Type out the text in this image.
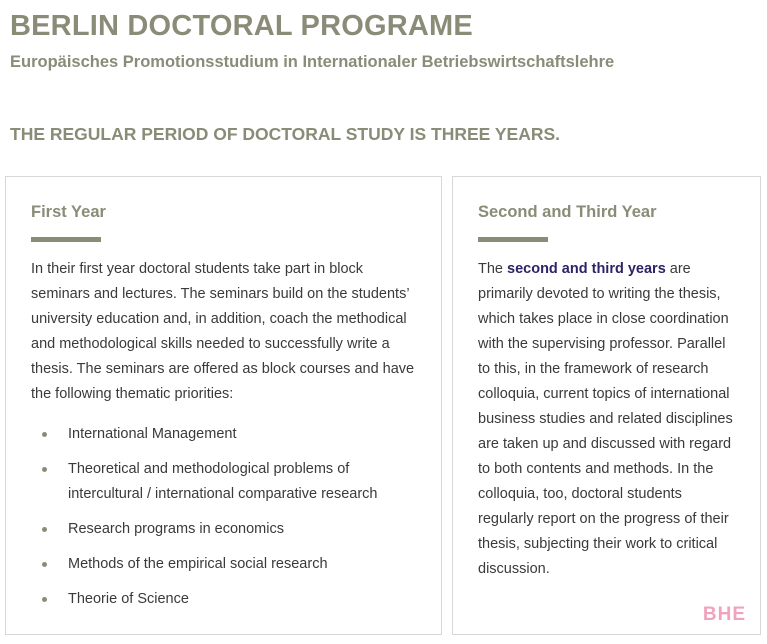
BERLIN DOCTORAL PROGRAME

Europäisches Promotionsstudium in Internationaler Betriebswirtschaftslehre

THE REGULAR PERIOD OF DOCTORAL STUDY IS THREE YEARS.
First Year

In their first year doctoral students take part in block seminars and lectures. The seminars build on the students’ university education and, in addition, coach the methodical and methodological skills needed to successfully write a thesis. The seminars are offered as block courses and have the following thematic priorities:

International Management
Theoretical and methodological problems of intercultural / international comparative research
Research programs in economics
Methods of the empirical social research
Theorie of Science
Second and Third Year

The second and third years are primarily devoted to writing the thesis, which takes place in close coordination with the supervising professor. Parallel to this, in the framework of research colloquia, current topics of international business studies and related disciplines are taken up and discussed with regard to both contents and methods. In the colloquia, too, doctoral students regularly report on the progress of their thesis, subjecting their work to critical discussion.

BHE
